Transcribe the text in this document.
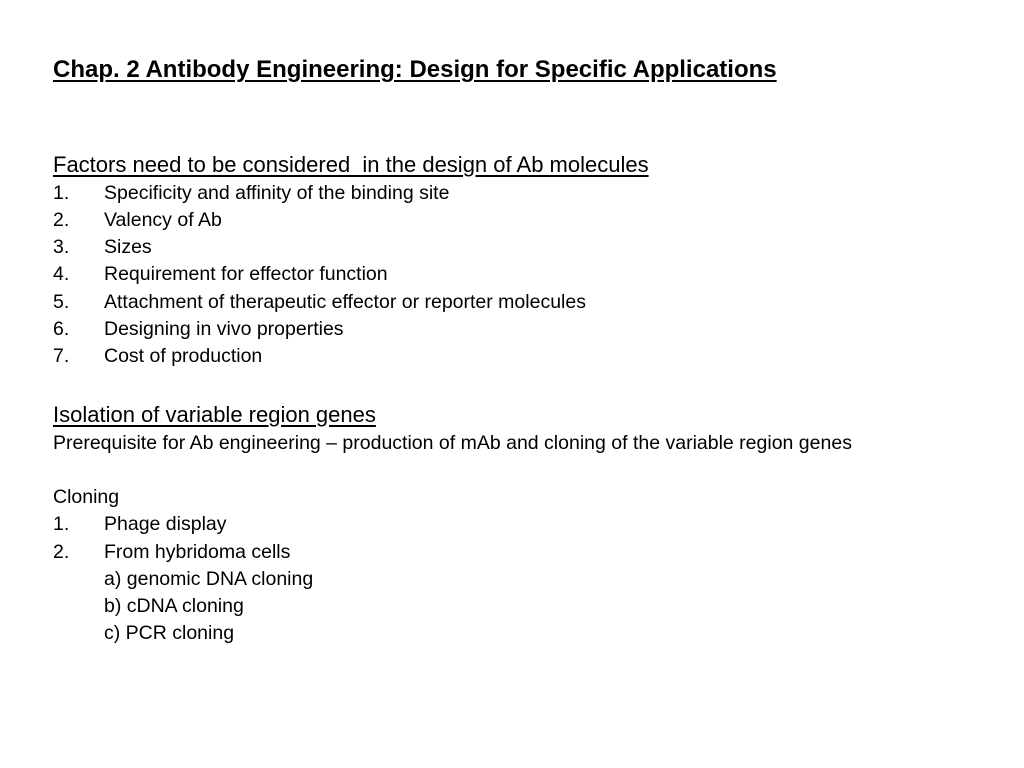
Chap. 2 Antibody Engineering: Design for Specific Applications
Factors need to be considered  in the design of Ab molecules
1. Specificity and affinity of the binding site
2. Valency of Ab
3. Sizes
4. Requirement for effector function
5. Attachment of therapeutic effector or reporter molecules
6. Designing in vivo properties
7. Cost of production
Isolation of variable region genes
Prerequisite for Ab engineering – production of mAb and cloning of the variable region genes
Cloning
1. Phage display
2. From hybridoma cells
a) genomic DNA cloning
b) cDNA cloning
c) PCR cloning
